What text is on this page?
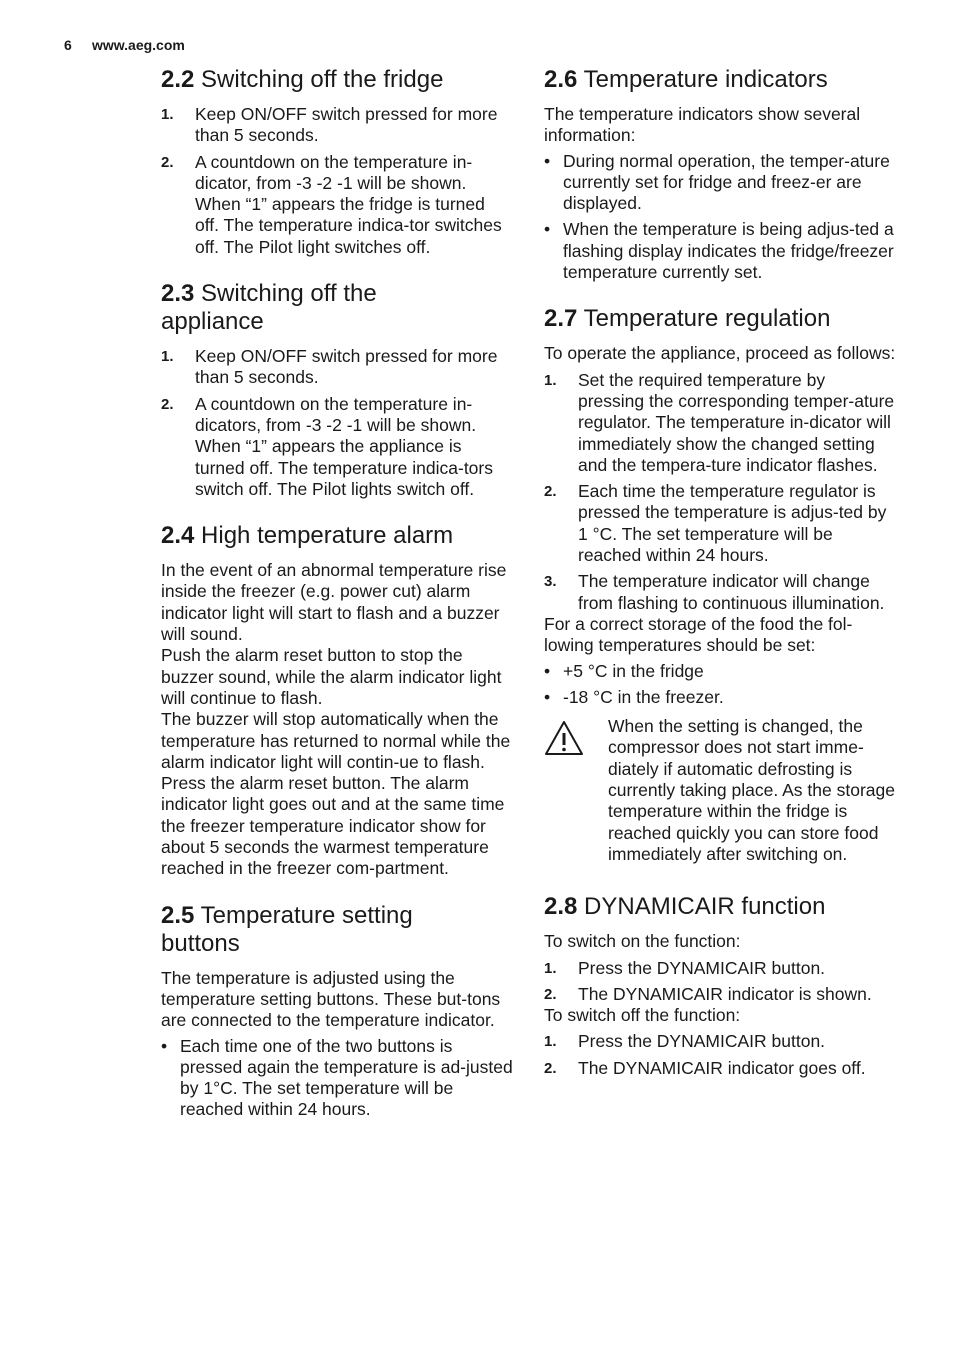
6 www.aeg.com
2.2 Switching off the fridge
1. Keep ON/OFF switch pressed for more than 5 seconds.
2. A countdown on the temperature in-dicator, from -3 -2 -1 will be shown. When “1” appears the fridge is turned off. The temperature indica-tor switches off. The Pilot light switches off.
2.3 Switching off the appliance
1. Keep ON/OFF switch pressed for more than 5 seconds.
2. A countdown on the temperature in-dicators, from -3 -2 -1 will be shown. When “1” appears the appliance is turned off. The temperature indica-tors switch off. The Pilot lights switch off.
2.4 High temperature alarm

In the event of an abnormal temperature rise inside the freezer (e.g. power cut) alarm indicator light will start to flash and a buzzer will sound.

Push the alarm reset button to stop the buzzer sound, while the alarm indicator light will continue to flash.

The buzzer will stop automatically when the temperature has returned to normal while the alarm indicator light will contin-ue to flash.

Press the alarm reset button. The alarm indicator light goes out and at the same time the freezer temperature indicator show for about 5 seconds the warmest temperature reached in the freezer com-partment.

2.5 Temperature setting buttons

The temperature is adjusted using the temperature setting buttons. These but-tons are connected to the temperature indicator.

• Each time one of the two buttons is pressed again the temperature is ad-justed by 1°C. The set temperature will be reached within 24 hours.
2.6 Temperature indicators

The temperature indicators show several information:

• During normal operation, the temper-ature currently set for fridge and freez-er are displayed.
• When the temperature is being adjus-ted a flashing display indicates the fridge/freezer temperature currently set.
2.7 Temperature regulation

To operate the appliance, proceed as follows:

1. Set the required temperature by pressing the corresponding temper-ature regulator. The temperature in-dicator will immediately show the changed setting and the tempera-ture indicator flashes.
2. Each time the temperature regulator is pressed the temperature is adjus-ted by 1 °C. The set temperature will be reached within 24 hours.
3. The temperature indicator will change from flashing to continuous illumination.

For a correct storage of the food the fol-lowing temperatures should be set:

• +5 °C in the fridge
• -18 °C in the freezer.

When the setting is changed, the compressor does not start imme-diately if automatic defrosting is currently taking place. As the storage temperature within the fridge is reached quickly you can store food immediately after switching on.

2.8 DYNAMICAIR function

To switch on the function:

1. Press the DYNAMICAIR button.
2. The DYNAMICAIR indicator is shown.

To switch off the function:

1. Press the DYNAMICAIR button.
2. The DYNAMICAIR indicator goes off.
